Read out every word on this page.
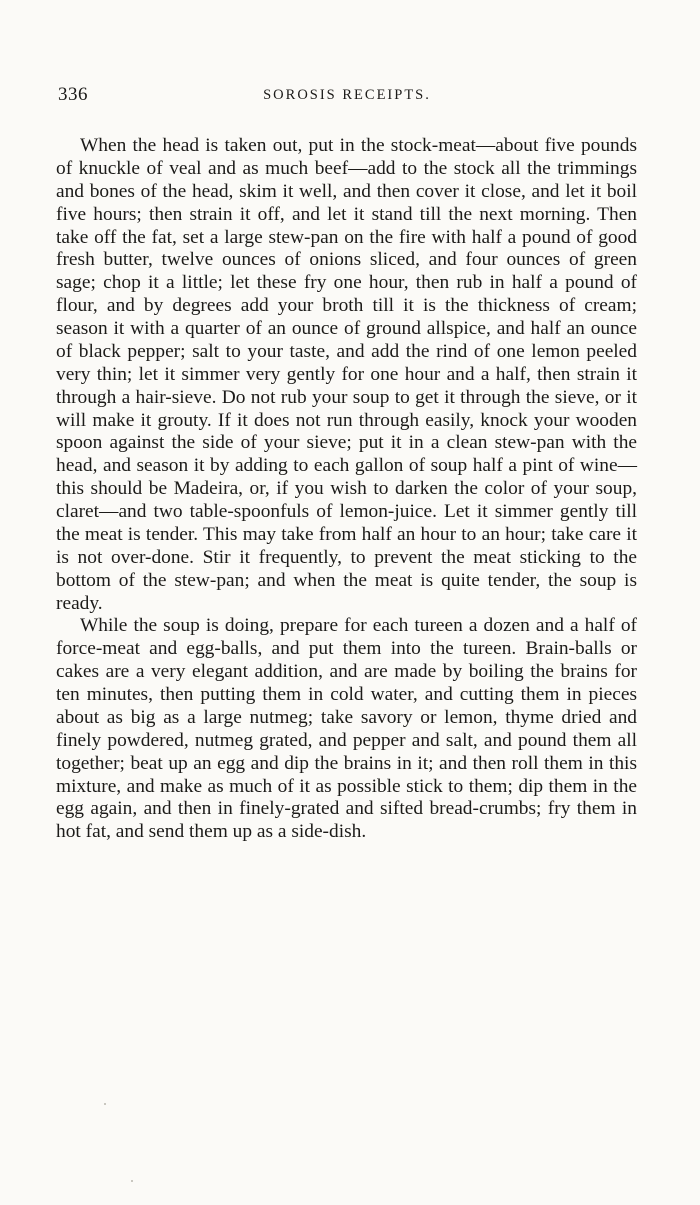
336	SOROSIS RECEIPTS.

When the head is taken out, put in the stock-meat—about five pounds of knuckle of veal and as much beef—add to the stock all the trimmings and bones of the head, skim it well, and then cover it close, and let it boil five hours; then strain it off, and let it stand till the next morning. Then take off the fat, set a large stew-pan on the fire with half a pound of good fresh butter, twelve ounces of onions sliced, and four ounces of green sage; chop it a little; let these fry one hour, then rub in half a pound of flour, and by degrees add your broth till it is the thickness of cream; season it with a quarter of an ounce of ground allspice, and half an ounce of black pepper; salt to your taste, and add the rind of one lemon peeled very thin; let it simmer very gently for one hour and a half, then strain it through a hair-sieve. Do not rub your soup to get it through the sieve, or it will make it grouty. If it does not run through easily, knock your wooden spoon against the side of your sieve; put it in a clean stew-pan with the head, and season it by adding to each gallon of soup half a pint of wine—this should be Madeira, or, if you wish to darken the color of your soup, claret—and two table-spoonfuls of lemon-juice. Let it simmer gently till the meat is tender. This may take from half an hour to an hour; take care it is not over-done. Stir it frequently, to prevent the meat sticking to the bottom of the stew-pan; and when the meat is quite tender, the soup is ready.

While the soup is doing, prepare for each tureen a dozen and a half of force-meat and egg-balls, and put them into the tureen. Brain-balls or cakes are a very elegant addition, and are made by boiling the brains for ten minutes, then putting them in cold water, and cutting them in pieces about as big as a large nutmeg; take savory or lemon, thyme dried and finely powdered, nutmeg grated, and pepper and salt, and pound them all together; beat up an egg and dip the brains in it; and then roll them in this mixture, and make as much of it as possible stick to them; dip them in the egg again, and then in finely-grated and sifted bread-crumbs; fry them in hot fat, and send them up as a side-dish.
